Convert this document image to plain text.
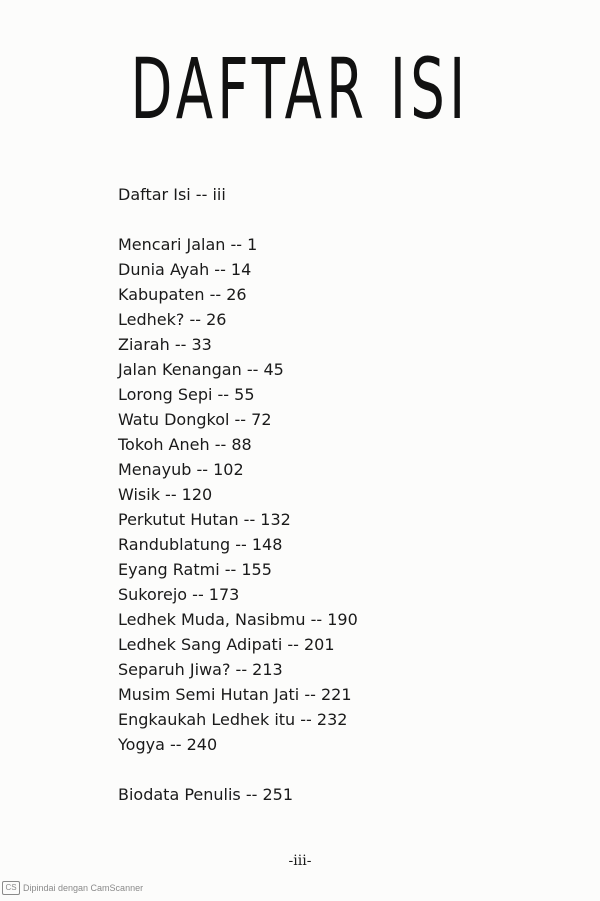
DAFTAR ISI
Daftar Isi -- iii
Mencari Jalan -- 1
Dunia Ayah -- 14
Kabupaten -- 26
Ledhek? -- 26
Ziarah -- 33
Jalan Kenangan -- 45
Lorong Sepi -- 55
Watu Dongkol -- 72
Tokoh Aneh -- 88
Menayub -- 102
Wisik -- 120
Perkutut Hutan -- 132
Randublatung -- 148
Eyang Ratmi -- 155
Sukorejo -- 173
Ledhek Muda, Nasibmu -- 190
Ledhek Sang Adipati -- 201
Separuh Jiwa? -- 213
Musim Semi Hutan Jati -- 221
Engkaukah Ledhek itu -- 232
Yogya -- 240
Biodata Penulis -- 251
-iii-
CS Dipindai dengan CamScanner
